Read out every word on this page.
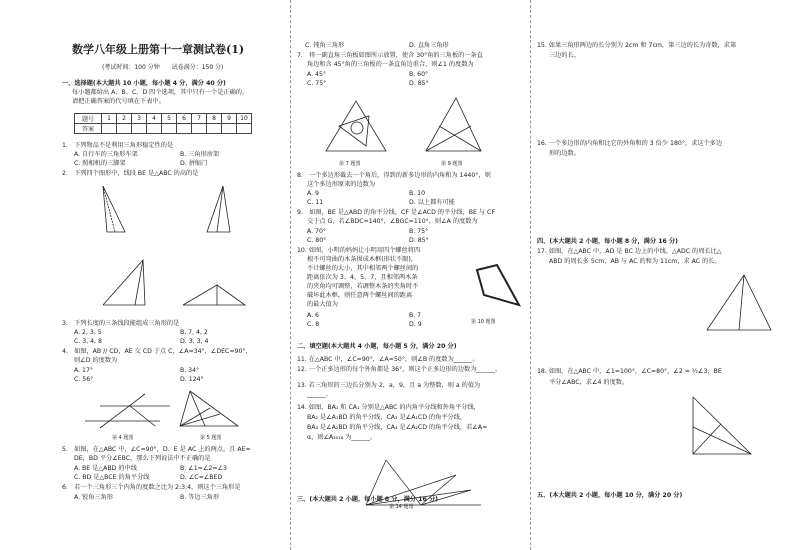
数学八年级上册第十一章测试卷(1)
(考试时间：100 分钟　　试卷满分：150 分)
一、选择题(本大题共 10 小题，每小题 4 分，满分 40 分)
每小题都给出 A、B、C、D 四个选项，其中只有一个是正确的，
请把正确答案的代号填在下表中。
题号	1	2	3	4	5	6	7	8	9	10
答案										
1.　下列物品不是利用三角形稳定性的是
A. 自行车的三角形车架	B. 三角形房架
C. 照相机的三脚架	D. 拼缩门
2.　下列四个图形中，线段 BE 是△ABC 的高的是
3.　下列长度的三条线段能组成三角形的是
A. 2, 3, 5	B. 7, 4, 2
C. 3, 4, 8	D. 3, 3, 4
4.　如图，AB // CD，AE 交 CD 于点 C，∠A=34°，∠DEC=90°，
则∠D 的度数为
A. 17°	B. 34°
C. 56°	D. 124°
第 4 题图	第 5 题图
5.　如图，在△ABC 中，∠C=90°，D、E 是 AC 上的两点，且 AE=
DE，BD 平分∠EBC，那么下列说法中不正确的是
A. BE 是△ABD 的中线	B. ∠1=∠2=∠3
C. BD 是△BCE 的角平分线	D. ∠C=∠BED
6.　若一个三角形三个内角的度数之比为 2:3:4，则这个三角形是
A. 锐角三角形	B. 等边三角形
C. 钝角三角形	D. 直角三角形
7.　将一副直角三角板如图所示放置，使含 30°角的三角板的一条直
角边和含 45°角的三角板的一条直角边重合，则∠1 的度数为
A. 45°	B. 60°
C. 75°	D. 85°
第 7 题图	第 9 题图
8.　一个多边形截去一个角后，得到的新多边形的内角和为 1440°，则
这个多边形原来的边数为
A. 9	B. 10
C. 11	D. 以上都有可能
9.　如图，BE 是△ABD 的角平分线，CF 是∠ACD 的平分线，BE 与 CF
交于点 G，若∠BDC=140°，∠BGC=110°，则∠A 的度数为
A. 70°	B. 75°
C. 80°	D. 85°
10. 如图，小明的妈妈让小明用四个螺丝将四
根不可弯曲的木条围成木框(形状不限)，
不计螺丝的大小，其中相邻两个螺丝间的
距离依次为 3、4、5、7，且相邻两木条
的夹角均可调整，若调整木条的夹角时不
破坏此木框，则任意两个螺丝间的距离
的最大值为
第 10 题图
A. 6	B. 7
C. 8	D. 9
二、填空题(本大题共 4 小题，每小题 5 分，满分 20 分)
11. 在△ABC 中，∠C=90°，∠A=50°，则∠B 的度数为______。
12. 一个正多边形的每个外角都是 36°，则这个正多边形的边数为______。
13. 若三角形的三边长分别为 2，a，9，且 a 为整数，则 a 的值为
______。
14. 如图，BA₁ 和 CA₁ 分别是△ABC 的内角平分线和外角平分线，
BA₂ 是∠A₁BD 的角平分线，CA₂ 是∠A₁CD 的角平分线，
BA₃ 是∠A₂BD 的角平分线，CA₃ 是∠A₂CD 的角平分线，若∠A=
α，则∠A₂₀₁₈ 为______。
第 14 题图
三、(本大题共 2 小题，每小题 8 分，满分 16 分)
15. 如果三角形两边的长分别为 2cm 和 7cm，第三边的长为奇数，求第
三边的长。
16. 一个多边形的内角和比它的外角和的 3 倍少 180°，求这个多边
形的边数。
四、(本大题共 2 小题，每小题 8 分，满分 16 分)
17. 如图，在△ABC 中，AD 是 BC 边上的中线，△ADC 的周长比△
ABD 的周长多 5cm，AB 与 AC 的和为 11cm，求 AC 的长。
18. 如图，在△ABC 中，∠1=100°，∠C=80°，∠2 = ½∠3，BE
平分∠ABC，求∠4 的度数。
五、(本大题共 2 小题，每小题 10 分，满分 20 分)
